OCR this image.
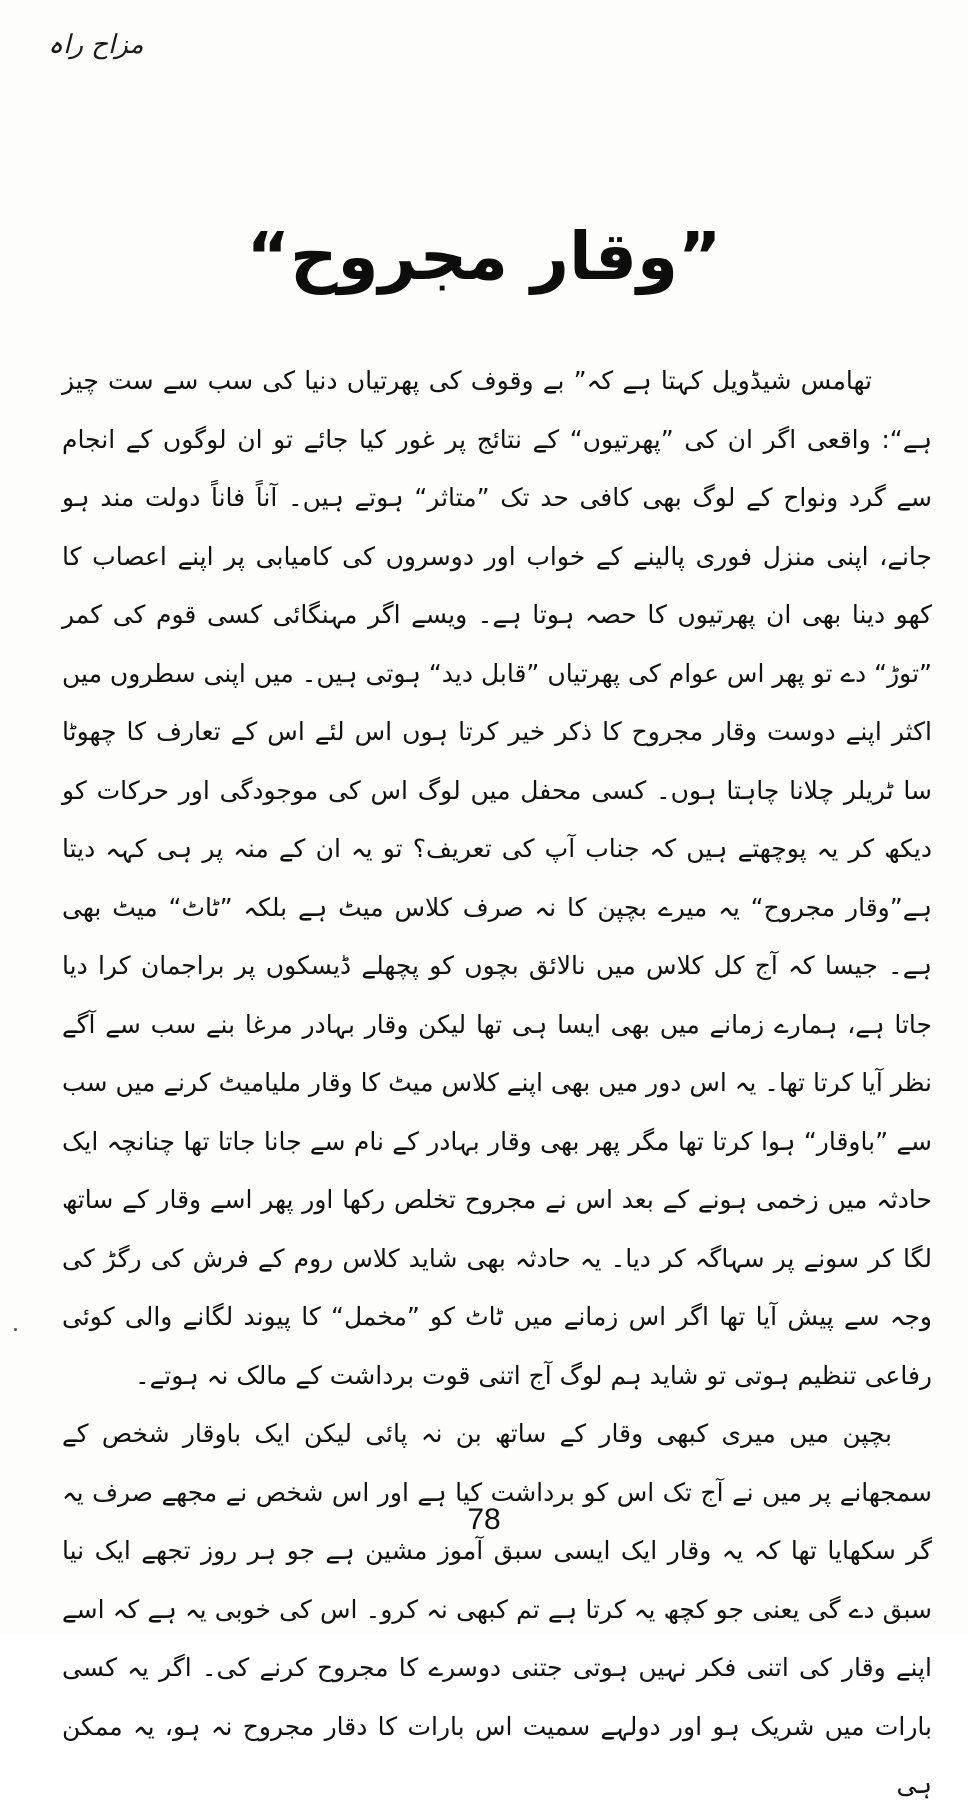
مزاح راہ
”وقار مجروح“

تھامس شیڈویل کہتا ہے کہ” بے وقوف کی پھرتیاں دنیا کی سب سے ست چیز ہے“: واقعی اگر ان کی ”پھرتیوں“ کے نتائج پر غور کیا جائے تو ان لوگوں کے انجام سے گرد ونواح کے لوگ بھی کافی حد تک ”متاثر“ ہوتے ہیں۔ آناً فاناً دولت مند ہو جانے، اپنی منزل فوری پالینے کے خواب اور دوسروں کی کامیابی پر اپنے اعصاب کا کھو دینا بھی ان پھرتیوں کا حصہ ہوتا ہے۔ ویسے اگر مہنگائی کسی قوم کی کمر ”توڑ“ دے تو پھر اس عوام کی پھرتیاں ”قابل دید“ ہوتی ہیں۔ میں اپنی سطروں میں اکثر اپنے دوست وقار مجروح کا ذکر خیر کرتا ہوں اس لئے اس کے تعارف کا چھوٹا سا ٹریلر چلانا چاہتا ہوں۔ کسی محفل میں لوگ اس کی موجودگی اور حرکات کو دیکھ کر یہ پوچھتے ہیں کہ جناب آپ کی تعریف؟ تو یہ ان کے منہ پر ہی کہہ دیتا ہے”وقار مجروح“ یہ میرے بچپن کا نہ صرف کلاس میٹ ہے بلکہ ”ٹاٹ“ میٹ بھی ہے۔ جیسا کہ آج کل کلاس میں نالائق بچوں کو پچھلے ڈیسکوں پر براجمان کرا دیا جاتا ہے، ہمارے زمانے میں بھی ایسا ہی تھا لیکن وقار بہادر مرغا بنے سب سے آگے نظر آیا کرتا تھا۔ یہ اس دور میں بھی اپنے کلاس میٹ کا وقار ملیامیٹ کرنے میں سب سے ”باوقار“ ہوا کرتا تھا مگر پھر بھی وقار بہادر کے نام سے جانا جاتا تھا چنانچہ ایک حادثہ میں زخمی ہونے کے بعد اس نے مجروح تخلص رکھا اور پھر اسے وقار کے ساتھ لگا کر سونے پر سہاگہ کر دیا۔ یہ حادثہ بھی شاید کلاس روم کے فرش کی رگڑ کی وجہ سے پیش آیا تھا اگر اس زمانے میں ٹاٹ کو ”مخمل“ کا پیوند لگانے والی کوئی رفاعی تنظیم ہوتی تو شاید ہم لوگ آج اتنی قوت برداشت کے مالک نہ ہوتے۔

بچپن میں میری کبھی وقار کے ساتھ بن نہ پائی لیکن ایک باوقار شخص کے سمجھانے پر میں نے آج تک اس کو برداشت کیا ہے اور اس شخص نے مجھے صرف یہ گر سکھایا تھا کہ یہ وقار ایک ایسی سبق آموز مشین ہے جو ہر روز تجھے ایک نیا سبق دے گی یعنی جو کچھ یہ کرتا ہے تم کبھی نہ کرو۔ اس کی خوبی یہ ہے کہ اسے اپنے وقار کی اتنی فکر نہیں ہوتی جتنی دوسرے کا مجروح کرنے کی۔ اگر یہ کسی بارات میں شریک ہو اور دولہے سمیت اس بارات کا دقار مجروح نہ ہو، یہ ممکن ہی

78
